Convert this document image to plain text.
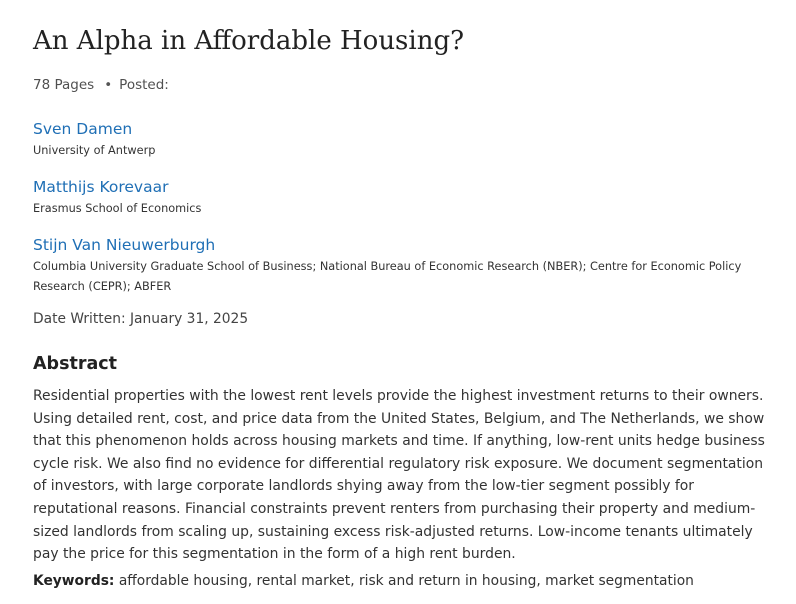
An Alpha in Affordable Housing?
78 Pages • Posted:
Sven Damen
University of Antwerp
Matthijs Korevaar
Erasmus School of Economics
Stijn Van Nieuwerburgh
Columbia University Graduate School of Business; National Bureau of Economic Research (NBER); Centre for Economic Policy Research (CEPR); ABFER
Date Written: January 31, 2025
Abstract

Residential properties with the lowest rent levels provide the highest investment returns to their owners. Using detailed rent, cost, and price data from the United States, Belgium, and The Netherlands, we show that this phenomenon holds across housing markets and time. If anything, low-rent units hedge business cycle risk. We also find no evidence for differential regulatory risk exposure. We document segmentation of investors, with large corporate landlords shying away from the low-tier segment possibly for reputational reasons. Financial constraints prevent renters from purchasing their property and medium-sized landlords from scaling up, sustaining excess risk-adjusted returns. Low-income tenants ultimately pay the price for this segmentation in the form of a high rent burden.

Keywords: affordable housing, rental market, risk and return in housing, market segmentation
